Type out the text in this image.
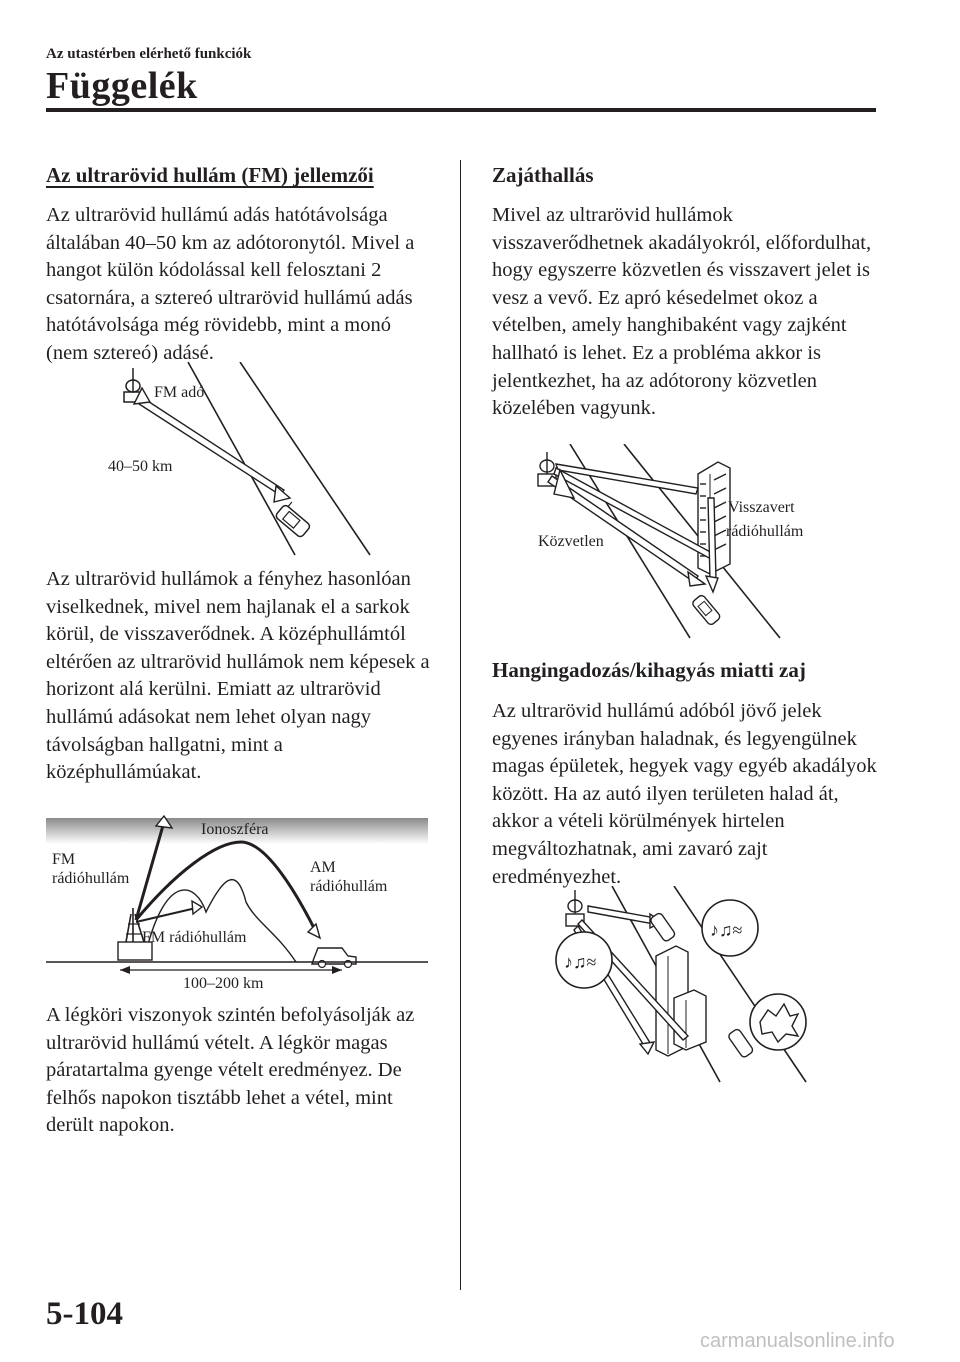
Az utastérben elérhető funkciók
Függelék
Az ultrarövid hullám (FM) jellemzői

Az ultrarövid hullámú adás hatótávolsága általában 40–50 km az adótoronytól. Mivel a hangot külön kódolással kell felosztani 2 csatornára, a sztereó ultrarövid hullámú adás hatótávolsága még rövidebb, mint a monó (nem sztereó) adásé.

FM adó
40–50 km

Az ultrarövid hullámok a fényhez hasonlóan viselkednek, mivel nem hajlanak el a sarkok körül, de visszaverődnek. A középhullámtól eltérően az ultrarövid hullámok nem képesek a horizont alá kerülni. Emiatt az ultrarövid hullámú adásokat nem lehet olyan nagy távolságban hallgatni, mint a középhullámúakat.

Ionoszféra
FM
rádióhullám
AM
rádióhullám
FM rádióhullám
100–200 km

A légköri viszonyok szintén befolyásolják az ultrarövid hullámú vételt. A légkör magas páratartalma gyenge vételt eredményez. De felhős napokon tisztább lehet a vétel, mint derült napokon.

Zajáthallás

Mivel az ultrarövid hullámok visszaverődhetnek akadályokról, előfordulhat, hogy egyszerre közvetlen és visszavert jelet is vesz a vevő. Ez apró késedelmet okoz a vételben, amely hanghibaként vagy zajként hallható is lehet. Ez a probléma akkor is jelentkezhet, ha az adótorony közvetlen közelében vagyunk.

Közvetlen
Visszavert
rádióhullám
Hangingadozás/kihagyás miatti zaj

Az ultrarövid hullámú adóból jövő jelek egyenes irányban haladnak, és legyengülnek magas épületek, hegyek vagy egyéb akadályok között. Ha az autó ilyen területen halad át, akkor a vételi körülmények hirtelen megváltozhatnak, ami zavaró zajt eredményezhet.

♪♫≈
♪♫≈
5-104
carmanualsonline.info
